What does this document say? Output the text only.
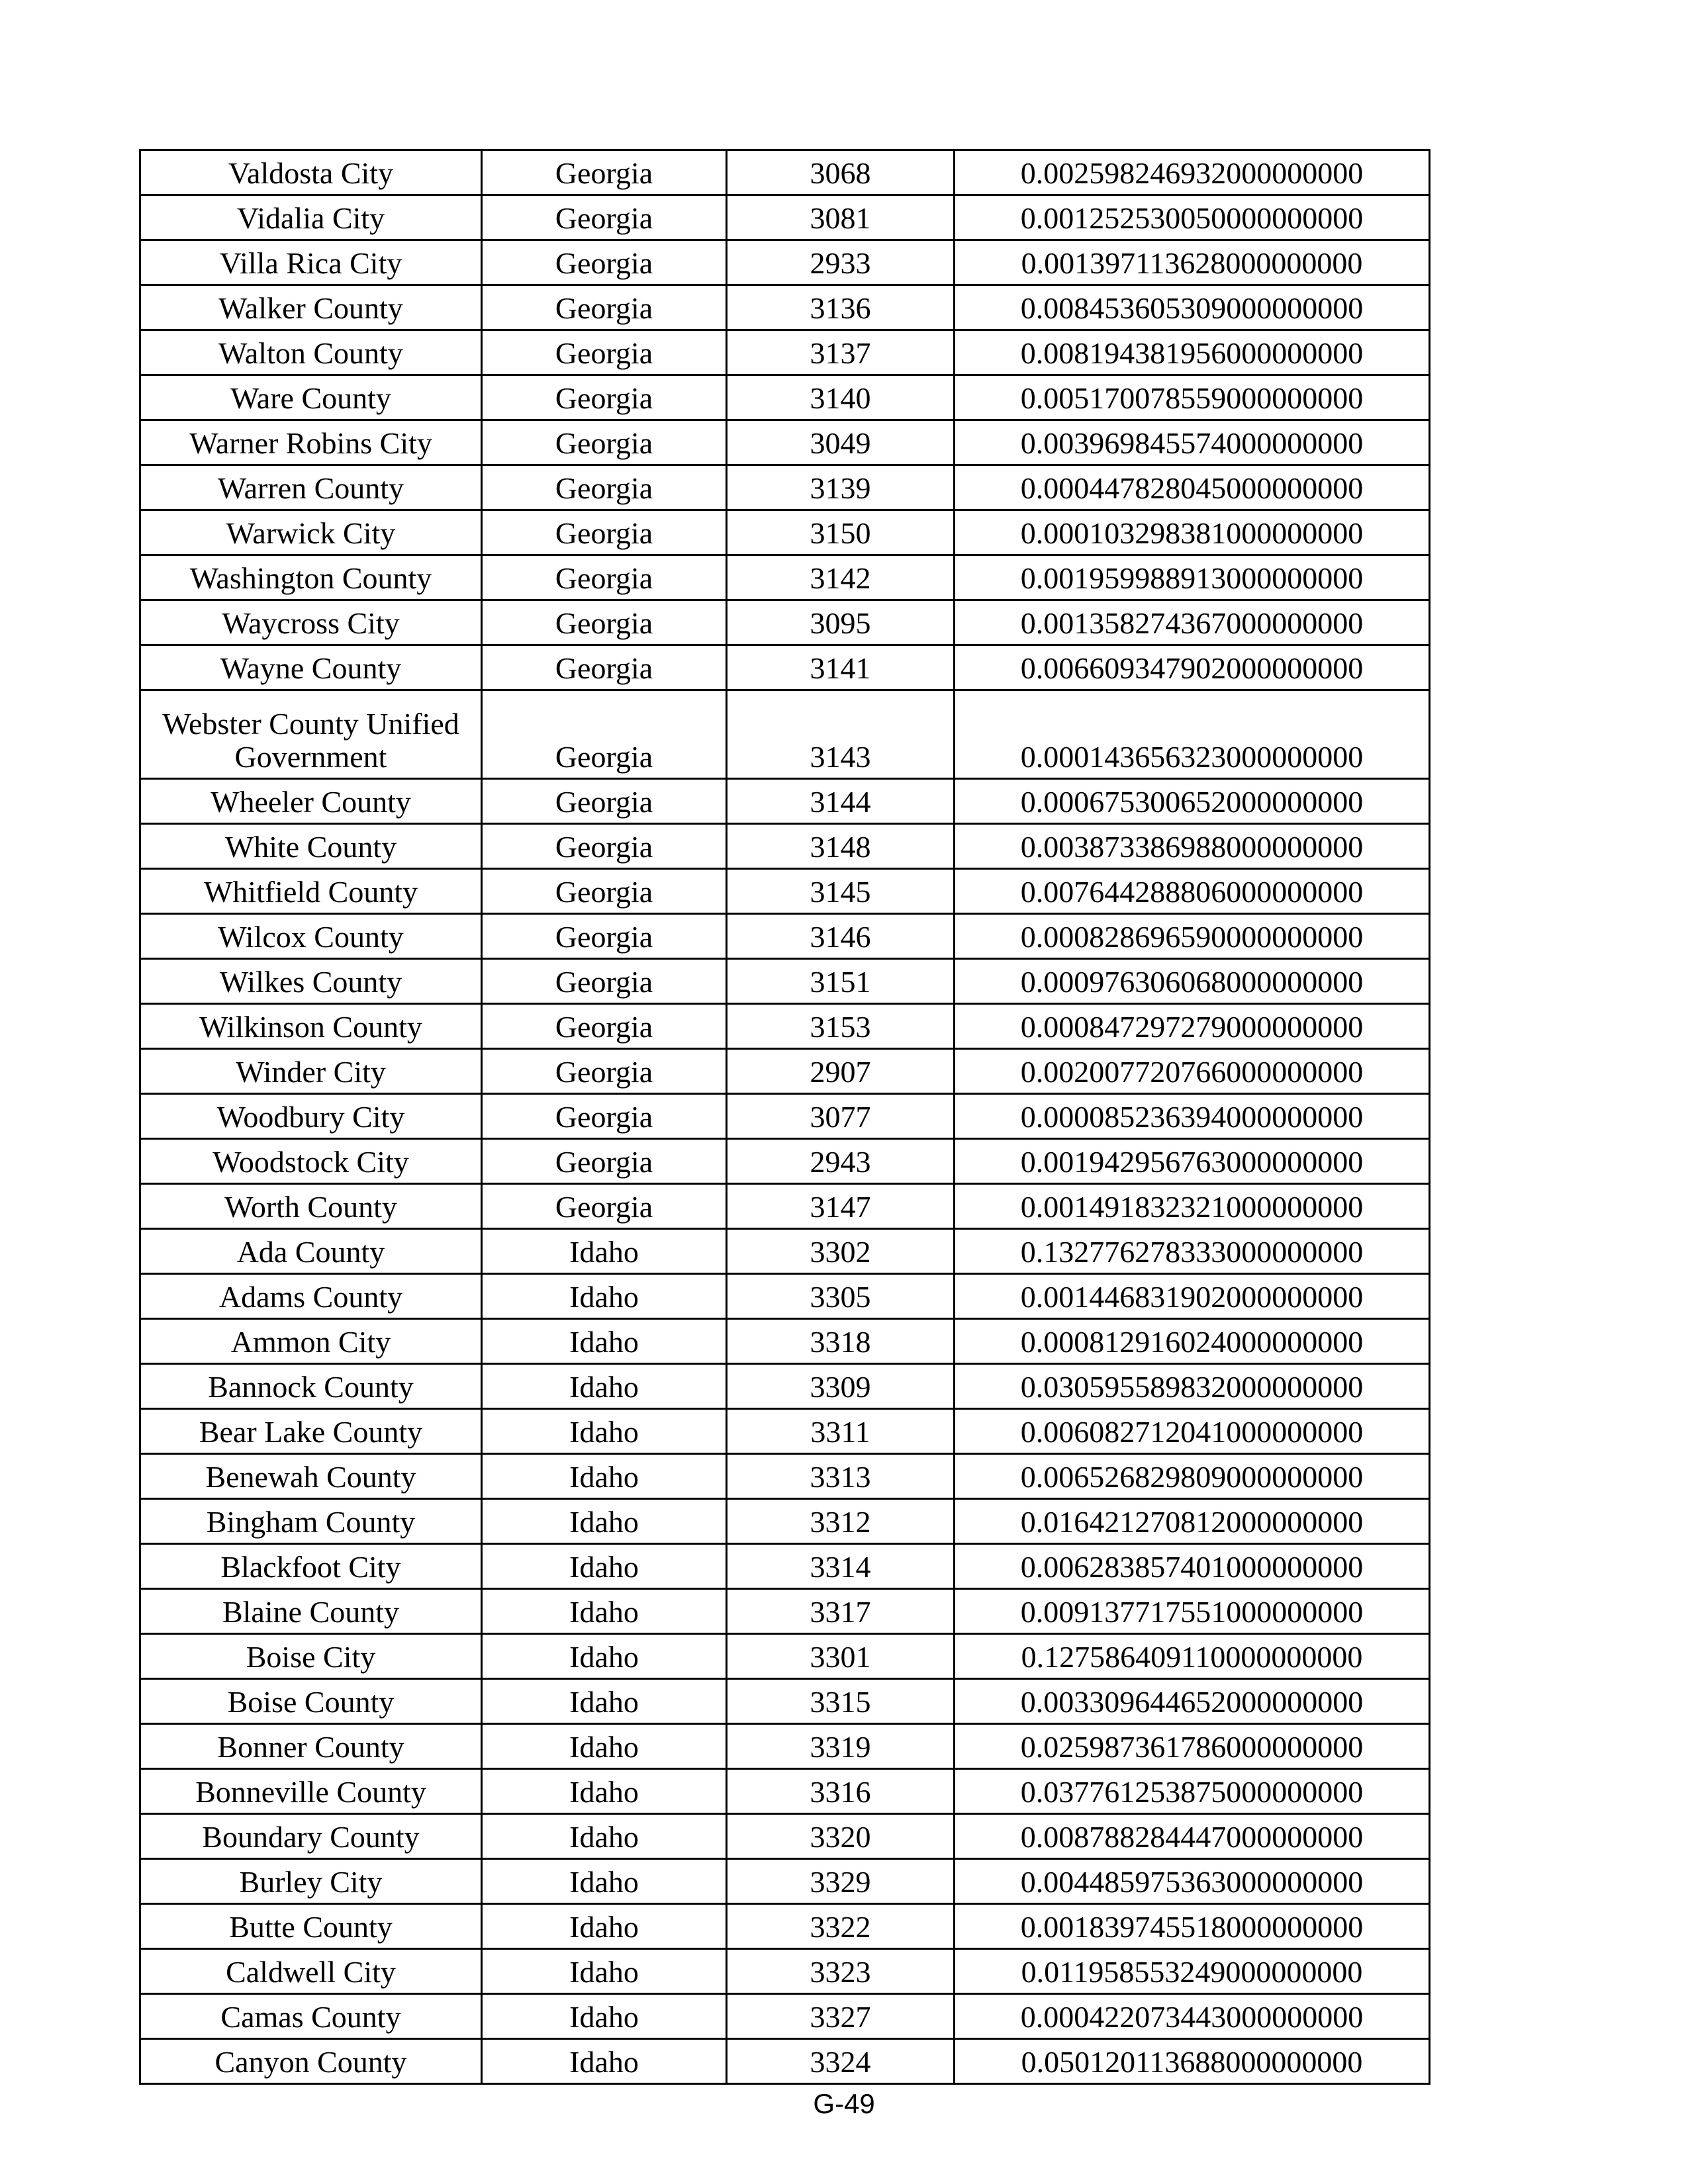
Valdosta City	Georgia	3068	0.002598246932000000000
Vidalia City	Georgia	3081	0.001252530050000000000
Villa Rica City	Georgia	2933	0.001397113628000000000
Walker County	Georgia	3136	0.008453605309000000000
Walton County	Georgia	3137	0.008194381956000000000
Ware County	Georgia	3140	0.005170078559000000000
Warner Robins City	Georgia	3049	0.003969845574000000000
Warren County	Georgia	3139	0.000447828045000000000
Warwick City	Georgia	3150	0.000103298381000000000
Washington County	Georgia	3142	0.001959988913000000000
Waycross City	Georgia	3095	0.001358274367000000000
Wayne County	Georgia	3141	0.006609347902000000000
Webster County Unified Government	Georgia	3143	0.000143656323000000000
Wheeler County	Georgia	3144	0.000675300652000000000
White County	Georgia	3148	0.003873386988000000000
Whitfield County	Georgia	3145	0.007644288806000000000
Wilcox County	Georgia	3146	0.000828696590000000000
Wilkes County	Georgia	3151	0.000976306068000000000
Wilkinson County	Georgia	3153	0.000847297279000000000
Winder City	Georgia	2907	0.002007720766000000000
Woodbury City	Georgia	3077	0.000085236394000000000
Woodstock City	Georgia	2943	0.001942956763000000000
Worth County	Georgia	3147	0.001491832321000000000
Ada County	Idaho	3302	0.132776278333000000000
Adams County	Idaho	3305	0.001446831902000000000
Ammon City	Idaho	3318	0.000812916024000000000
Bannock County	Idaho	3309	0.030595589832000000000
Bear Lake County	Idaho	3311	0.006082712041000000000
Benewah County	Idaho	3313	0.006526829809000000000
Bingham County	Idaho	3312	0.016421270812000000000
Blackfoot City	Idaho	3314	0.006283857401000000000
Blaine County	Idaho	3317	0.009137717551000000000
Boise City	Idaho	3301	0.127586409110000000000
Boise County	Idaho	3315	0.003309644652000000000
Bonner County	Idaho	3319	0.025987361786000000000
Bonneville County	Idaho	3316	0.037761253875000000000
Boundary County	Idaho	3320	0.008788284447000000000
Burley City	Idaho	3329	0.004485975363000000000
Butte County	Idaho	3322	0.001839745518000000000
Caldwell City	Idaho	3323	0.011958553249000000000
Camas County	Idaho	3327	0.000422073443000000000
Canyon County	Idaho	3324	0.050120113688000000000
G-49
